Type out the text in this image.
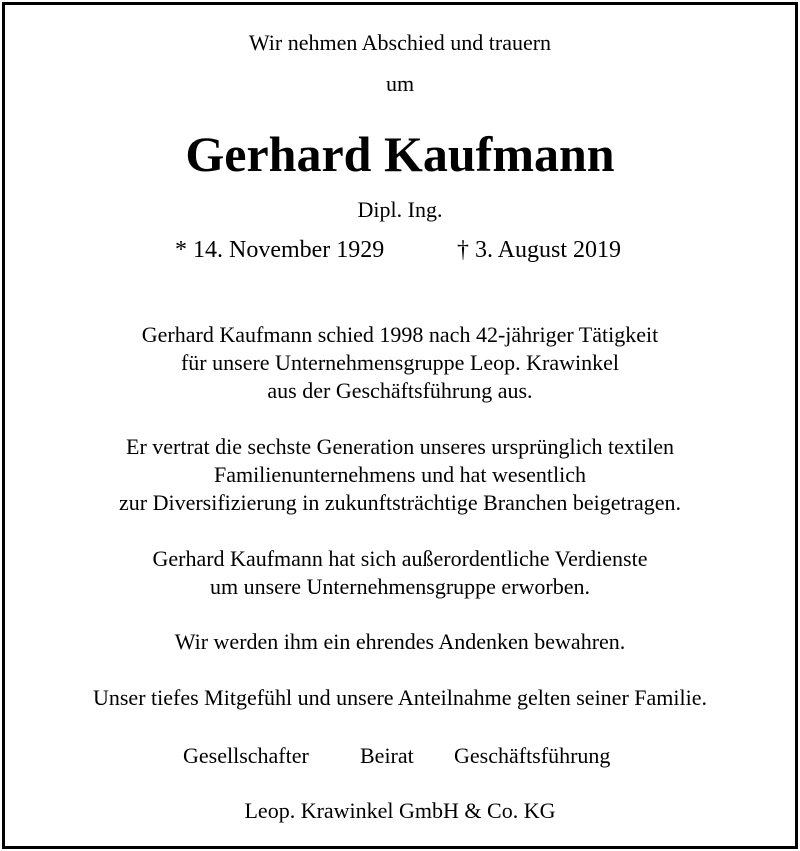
Wir nehmen Abschied und trauern
um
Gerhard Kaufmann
Dipl. Ing.
* 14. November 1929	† 3. August 2019
Gerhard Kaufmann schied 1998 nach 42-jähriger Tätigkeit
für unsere Unternehmensgruppe Leop. Krawinkel
aus der Geschäftsführung aus.
Er vertrat die sechste Generation unseres ursprünglich textilen
Familienunternehmens und hat wesentlich
zur Diversifizierung in zukunftsträchtige Branchen beigetragen.
Gerhard Kaufmann hat sich außerordentliche Verdienste
um unsere Unternehmensgruppe erworben.
Wir werden ihm ein ehrendes Andenken bewahren.
Unser tiefes Mitgefühl und unsere Anteilnahme gelten seiner Familie.
Gesellschafter Beirat Geschäftsführung
Leop. Krawinkel GmbH & Co. KG
